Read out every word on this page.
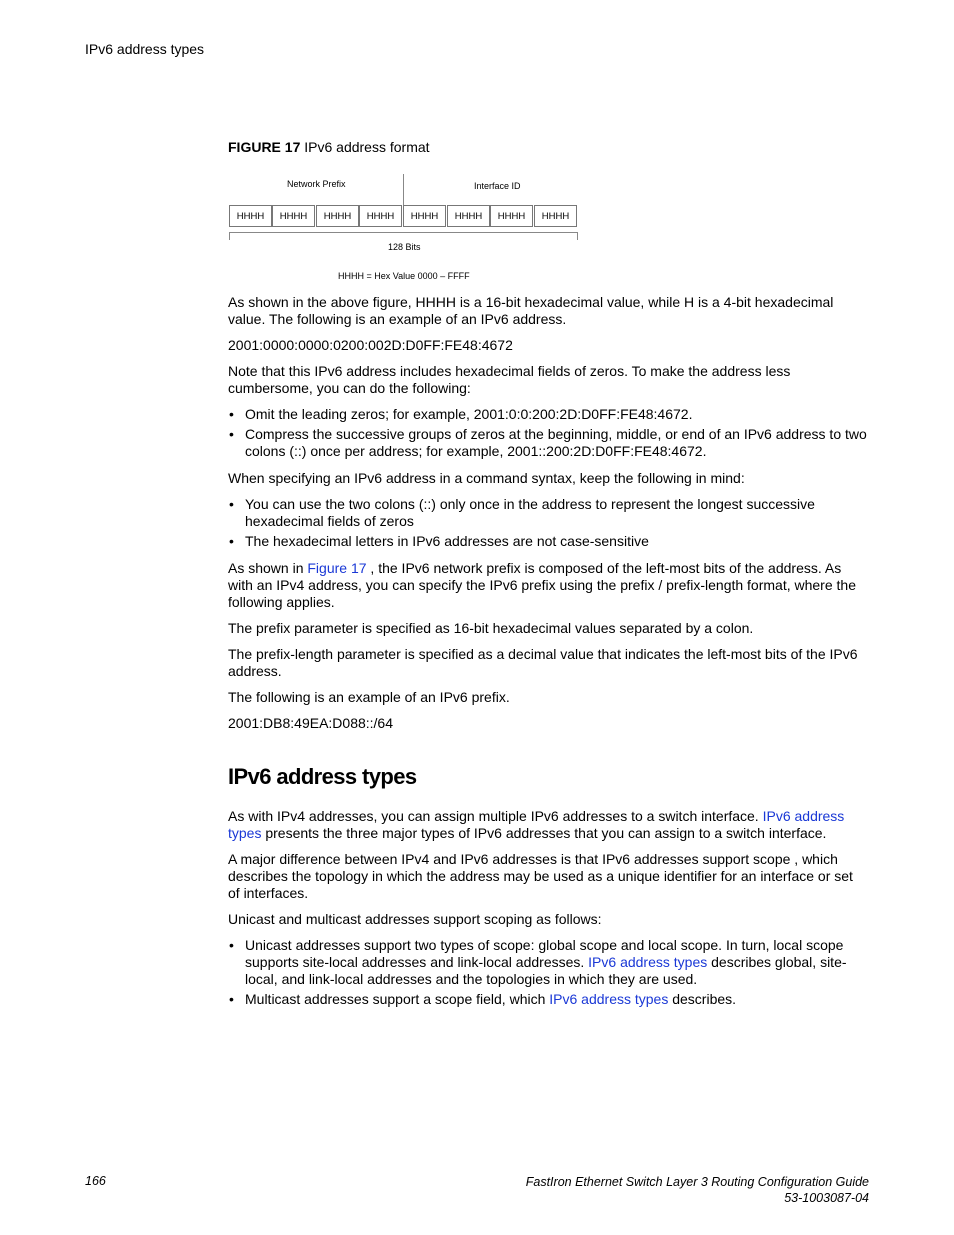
IPv6 address types
FIGURE 17 IPv6 address format
Network Prefix	Interface ID
HHHH	HHHH	HHHH	HHHH	HHHH	HHHH	HHHH	HHHH
128 Bits
HHHH = Hex Value 0000 – FFFF

As shown in the above figure, HHHH is a 16-bit hexadecimal value, while H is a 4-bit hexadecimal value. The following is an example of an IPv6 address.

2001:0000:0000:0200:002D:D0FF:FE48:4672

Note that this IPv6 address includes hexadecimal fields of zeros. To make the address less cumbersome, you can do the following:

• Omit the leading zeros; for example, 2001:0:0:200:2D:D0FF:FE48:4672.
• Compress the successive groups of zeros at the beginning, middle, or end of an IPv6 address to two colons (::) once per address; for example, 2001::200:2D:D0FF:FE48:4672.

When specifying an IPv6 address in a command syntax, keep the following in mind:

• You can use the two colons (::) only once in the address to represent the longest successive hexadecimal fields of zeros
• The hexadecimal letters in IPv6 addresses are not case-sensitive

As shown in Figure 17 , the IPv6 network prefix is composed of the left-most bits of the address. As with an IPv4 address, you can specify the IPv6 prefix using the prefix / prefix-length format, where the following applies.

The prefix parameter is specified as 16-bit hexadecimal values separated by a colon.

The prefix-length parameter is specified as a decimal value that indicates the left-most bits of the IPv6 address.

The following is an example of an IPv6 prefix.

2001:DB8:49EA:D088::/64

IPv6 address types

As with IPv4 addresses, you can assign multiple IPv6 addresses to a switch interface. IPv6 address types presents the three major types of IPv6 addresses that you can assign to a switch interface.

A major difference between IPv4 and IPv6 addresses is that IPv6 addresses support scope , which describes the topology in which the address may be used as a unique identifier for an interface or set of interfaces.

Unicast and multicast addresses support scoping as follows:

• Unicast addresses support two types of scope: global scope and local scope. In turn, local scope supports site-local addresses and link-local addresses. IPv6 address types describes global, site-local, and link-local addresses and the topologies in which they are used.
• Multicast addresses support a scope field, which IPv6 address types describes.
166	FastIron Ethernet Switch Layer 3 Routing Configuration Guide
53-1003087-04
